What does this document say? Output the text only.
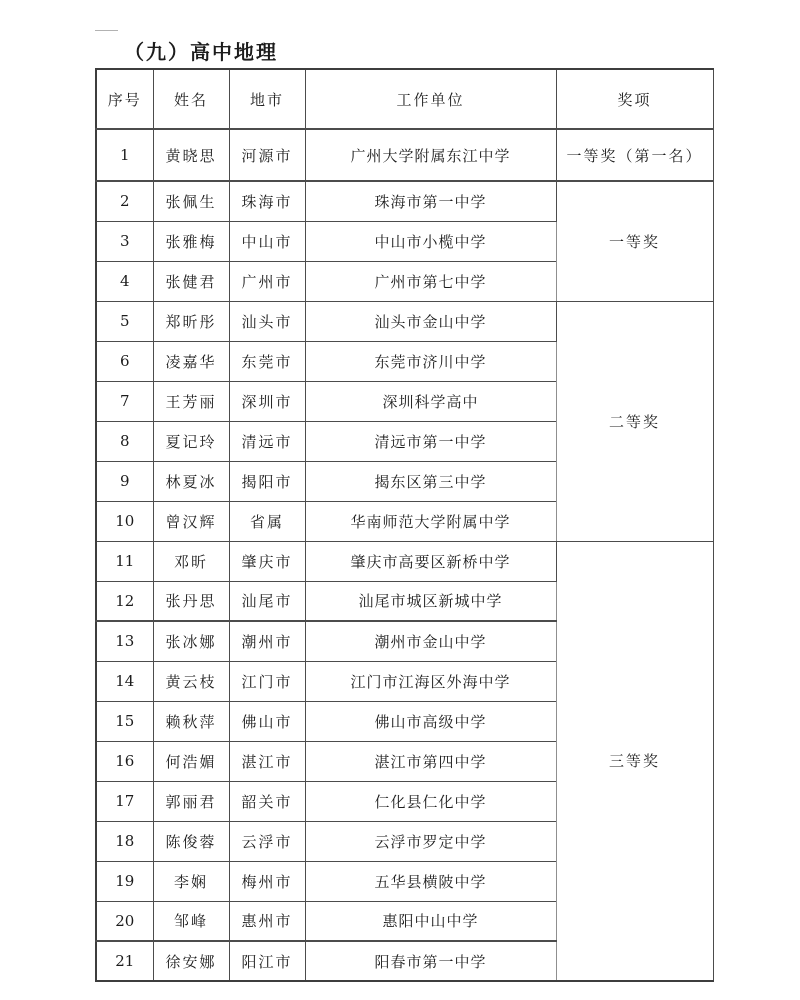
（九）高中地理
序号	姓名	地市	工作单位	奖项
1	黄晓思	河源市	广州大学附属东江中学	一等奖（第一名）
2	张佩生	珠海市	珠海市第一中学	一等奖
3	张雅梅	中山市	中山市小榄中学	
4	张健君	广州市	广州市第七中学	
5	郑昕彤	汕头市	汕头市金山中学	二等奖
6	凌嘉华	东莞市	东莞市济川中学	
7	王芳丽	深圳市	深圳科学高中	
8	夏记玲	清远市	清远市第一中学	
9	林夏冰	揭阳市	揭东区第三中学	
10	曾汉辉	省属	华南师范大学附属中学	
11	邓昕	肇庆市	肇庆市高要区新桥中学	三等奖
12	张丹思	汕尾市	汕尾市城区新城中学	
13	张冰娜	潮州市	潮州市金山中学	
14	黄云枝	江门市	江门市江海区外海中学	
15	赖秋萍	佛山市	佛山市高级中学	
16	何浩媚	湛江市	湛江市第四中学	
17	郭丽君	韶关市	仁化县仁化中学	
18	陈俊蓉	云浮市	云浮市罗定中学	
19	李娴	梅州市	五华县横陂中学	
20	邹峰	惠州市	惠阳中山中学	
21	徐安娜	阳江市	阳春市第一中学	
